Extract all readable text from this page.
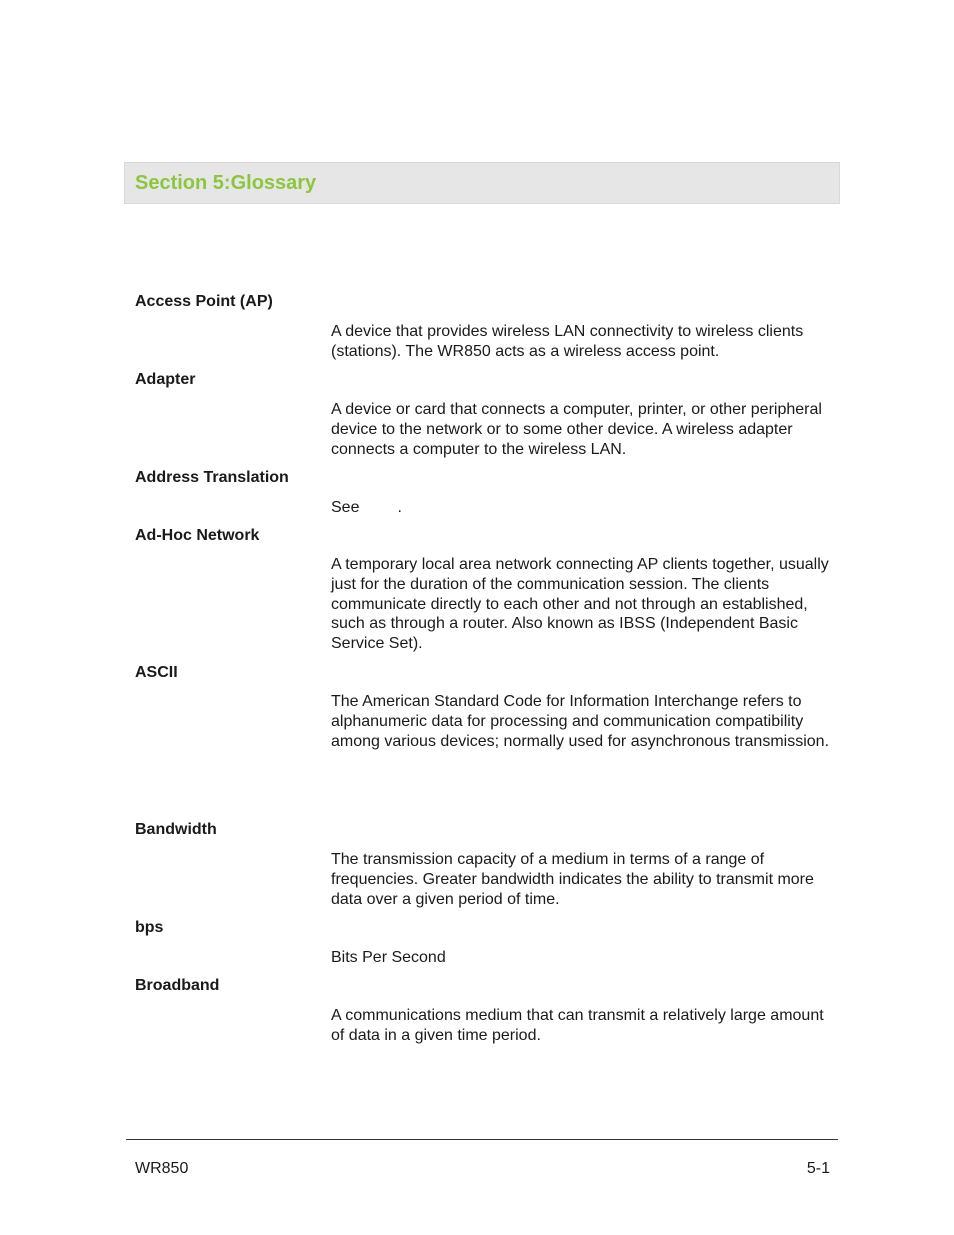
Section 5:Glossary
Access Point (AP)
A device that provides wireless LAN connectivity to wireless clients (stations). The WR850 acts as a wireless access point.
Adapter
A device or card that connects a computer, printer, or other peripheral device to the network or to some other device. A wireless adapter connects a computer to the wireless LAN.
Address Translation
See .
Ad-Hoc Network
A temporary local area network connecting AP clients together, usually just for the duration of the communication session. The clients communicate directly to each other and not through an established, such as through a router. Also known as IBSS (Independent Basic Service Set).
ASCII
The American Standard Code for Information Interchange refers to alphanumeric data for processing and communication compatibility among various devices; normally used for asynchronous transmission.
Bandwidth
The transmission capacity of a medium in terms of a range of frequencies. Greater bandwidth indicates the ability to transmit more data over a given period of time.
bps
Bits Per Second
Broadband
A communications medium that can transmit a relatively large amount of data in a given time period.
WR850	5-1
